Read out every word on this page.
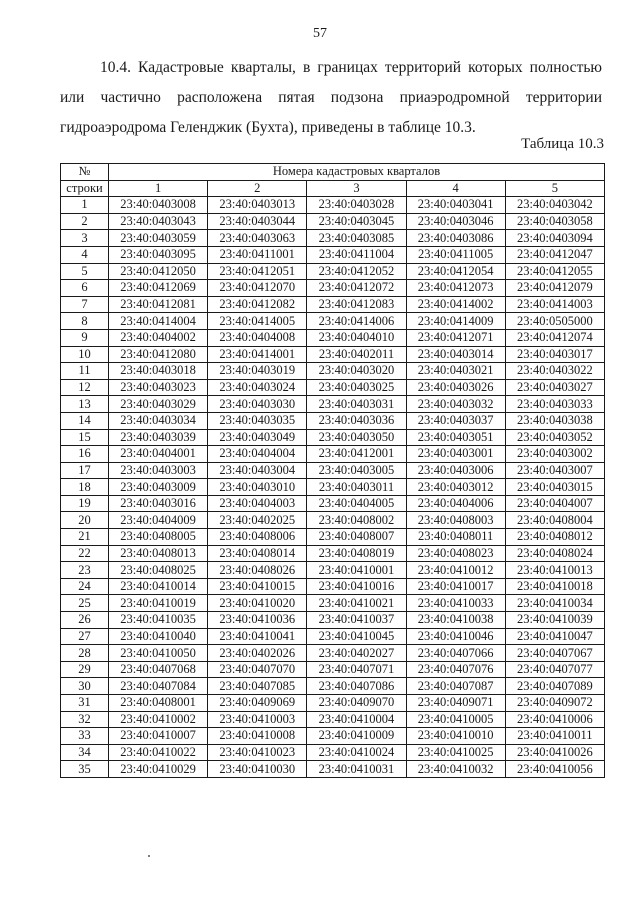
57
10.4. Кадастровые кварталы, в границах территорий которых полностью
или частично расположена пятая подзона приаэродромной территории
гидроаэродрома Геленджик (Бухта), приведены в таблице 10.3.
Таблица 10.3
№	Номера кадастровых кварталов				
строки	1	2	3	4	5
1	23:40:0403008	23:40:0403013	23:40:0403028	23:40:0403041	23:40:0403042
2	23:40:0403043	23:40:0403044	23:40:0403045	23:40:0403046	23:40:0403058
3	23:40:0403059	23:40:0403063	23:40:0403085	23:40:0403086	23:40:0403094
4	23:40:0403095	23:40:0411001	23:40:0411004	23:40:0411005	23:40:0412047
5	23:40:0412050	23:40:0412051	23:40:0412052	23:40:0412054	23:40:0412055
6	23:40:0412069	23:40:0412070	23:40:0412072	23:40:0412073	23:40:0412079
7	23:40:0412081	23:40:0412082	23:40:0412083	23:40:0414002	23:40:0414003
8	23:40:0414004	23:40:0414005	23:40:0414006	23:40:0414009	23:40:0505000
9	23:40:0404002	23:40:0404008	23:40:0404010	23:40:0412071	23:40:0412074
10	23:40:0412080	23:40:0414001	23:40:0402011	23:40:0403014	23:40:0403017
11	23:40:0403018	23:40:0403019	23:40:0403020	23:40:0403021	23:40:0403022
12	23:40:0403023	23:40:0403024	23:40:0403025	23:40:0403026	23:40:0403027
13	23:40:0403029	23:40:0403030	23:40:0403031	23:40:0403032	23:40:0403033
14	23:40:0403034	23:40:0403035	23:40:0403036	23:40:0403037	23:40:0403038
15	23:40:0403039	23:40:0403049	23:40:0403050	23:40:0403051	23:40:0403052
16	23:40:0404001	23:40:0404004	23:40:0412001	23:40:0403001	23:40:0403002
17	23:40:0403003	23:40:0403004	23:40:0403005	23:40:0403006	23:40:0403007
18	23:40:0403009	23:40:0403010	23:40:0403011	23:40:0403012	23:40:0403015
19	23:40:0403016	23:40:0404003	23:40:0404005	23:40:0404006	23:40:0404007
20	23:40:0404009	23:40:0402025	23:40:0408002	23:40:0408003	23:40:0408004
21	23:40:0408005	23:40:0408006	23:40:0408007	23:40:0408011	23:40:0408012
22	23:40:0408013	23:40:0408014	23:40:0408019	23:40:0408023	23:40:0408024
23	23:40:0408025	23:40:0408026	23:40:0410001	23:40:0410012	23:40:0410013
24	23:40:0410014	23:40:0410015	23:40:0410016	23:40:0410017	23:40:0410018
25	23:40:0410019	23:40:0410020	23:40:0410021	23:40:0410033	23:40:0410034
26	23:40:0410035	23:40:0410036	23:40:0410037	23:40:0410038	23:40:0410039
27	23:40:0410040	23:40:0410041	23:40:0410045	23:40:0410046	23:40:0410047
28	23:40:0410050	23:40:0402026	23:40:0402027	23:40:0407066	23:40:0407067
29	23:40:0407068	23:40:0407070	23:40:0407071	23:40:0407076	23:40:0407077
30	23:40:0407084	23:40:0407085	23:40:0407086	23:40:0407087	23:40:0407089
31	23:40:0408001	23:40:0409069	23:40:0409070	23:40:0409071	23:40:0409072
32	23:40:0410002	23:40:0410003	23:40:0410004	23:40:0410005	23:40:0410006
33	23:40:0410007	23:40:0410008	23:40:0410009	23:40:0410010	23:40:0410011
34	23:40:0410022	23:40:0410023	23:40:0410024	23:40:0410025	23:40:0410026
35	23:40:0410029	23:40:0410030	23:40:0410031	23:40:0410032	23:40:0410056
